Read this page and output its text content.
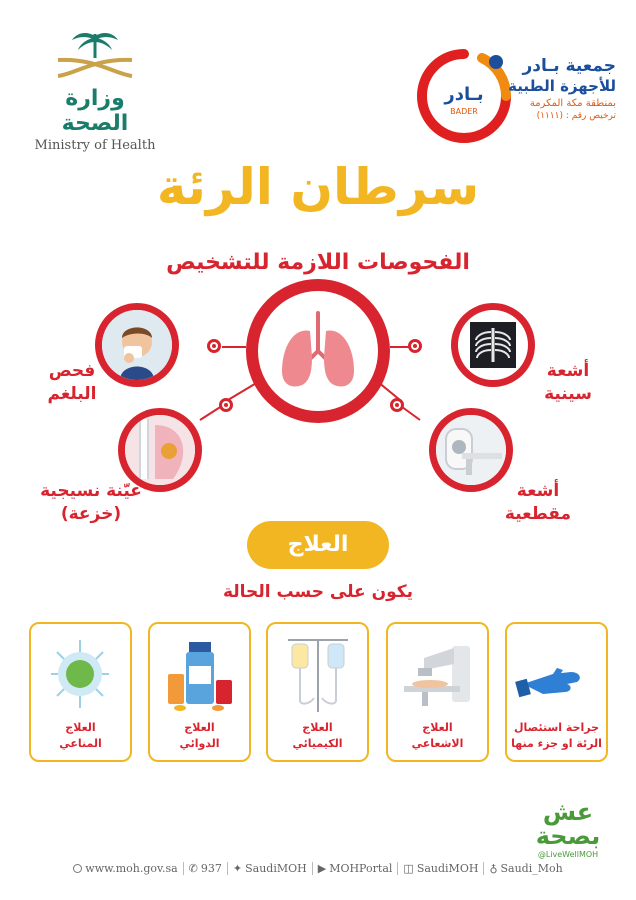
وزارة الصحة
Ministry of Health
بـادر
BADER
جمعية بـادر
للأجهزة الطبية
بمنطقة مكة المكرمة
ترخيص رقم : (١١١١)
سرطان الرئة
الفحوصات اللازمة للتشخيص
فحص البلغم
عيّنة نسيجية
(خزعة)
أشعة
سينية
أشعة
مقطعية
العلاج
يكون على حسب الحالة
العلاج
المناعي
العلاج
الدوائي
العلاج
الكيميائي
العلاج
الاشعاعي
جراحة استئصال
الرئة او جزء منها
عش
بصحة
@LiveWellMOH
www.moh.gov.sa ✆ 937 ✦ SaudiMOH ▶ MOHPortal ◫ SaudiMOH ♁ Saudi_Moh
